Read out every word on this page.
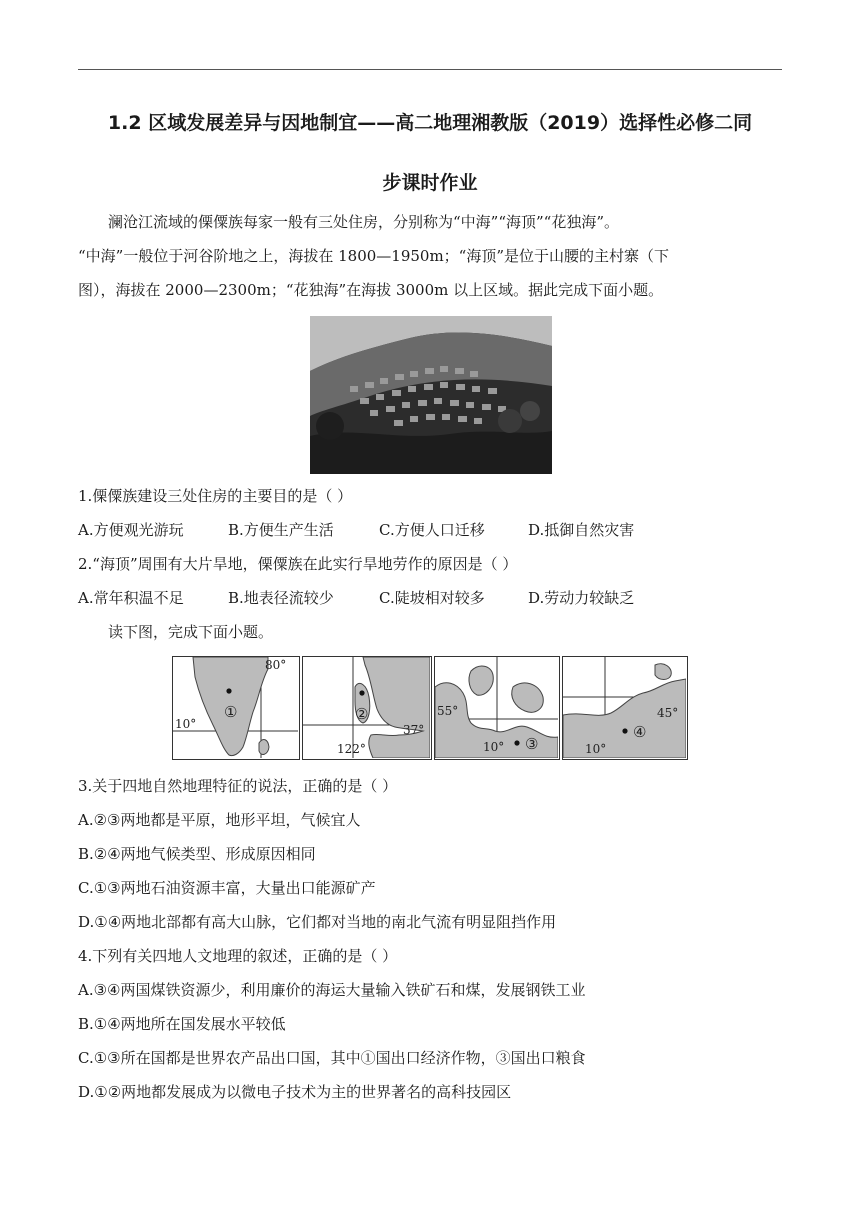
1.2 区域发展差异与因地制宜——高二地理湘教版（2019）选择性必修二同
步课时作业
澜沧江流域的傈僳族每家一般有三处住房，分别称为“中海”“海顶”“花独海”。
“中海”一般位于河谷阶地之上，海拔在 1800—1950m；“海顶”是位于山腰的主村寨（下
图），海拔在 2000—2300m；“花独海”在海拔 3000m 以上区域。据此完成下面小题。
1.傈僳族建设三处住房的主要目的是（ ）
A.方便观光游玩	B.方便生产生活	C.方便人口迁移	D.抵御自然灾害
2.“海顶”周围有大片旱地，傈僳族在此实行旱地劳作的原因是（ ）
A.常年积温不足	B.地表径流较少	C.陡坡相对较多	D.劳动力较缺乏
读下图，完成下面小题。
80°
10°
①
37°
122°
②	55°
10° ③
45°
10°
④
3.关于四地自然地理特征的说法，正确的是（ ）
A.②③两地都是平原，地形平坦，气候宜人
B.②④两地气候类型、形成原因相同
C.①③两地石油资源丰富，大量出口能源矿产
D.①④两地北部都有高大山脉，它们都对当地的南北气流有明显阻挡作用
4.下列有关四地人文地理的叙述，正确的是（ ）
A.③④两国煤铁资源少，利用廉价的海运大量输入铁矿石和煤，发展钢铁工业
B.①④两地所在国发展水平较低
C.①③所在国都是世界农产品出口国，其中①国出口经济作物，③国出口粮食
D.①②两地都发展成为以微电子技术为主的世界著名的高科技园区
